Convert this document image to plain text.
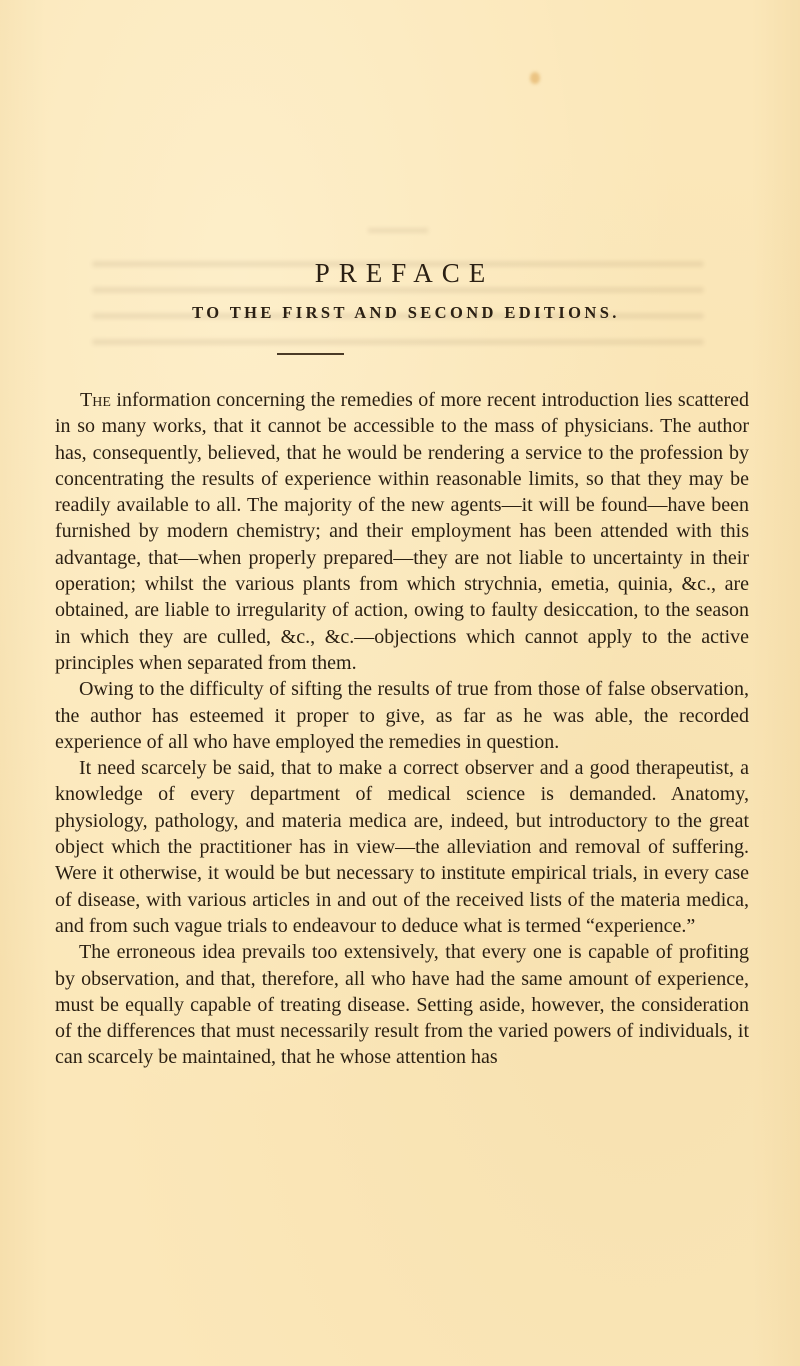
PREFACE
TO THE FIRST AND SECOND EDITIONS.

The information concerning the remedies of more recent introduction lies scattered in so many works, that it cannot be accessible to the mass of physicians. The author has, consequently, believed, that he would be rendering a service to the profession by concentrating the results of experience within reasonable limits, so that they may be readily available to all. The majority of the new agents—it will be found—have been furnished by modern chemistry; and their employment has been attended with this advantage, that—when properly prepared—they are not liable to uncertainty in their operation; whilst the various plants from which strychnia, emetia, quinia, &c., are obtained, are liable to irregularity of action, owing to faulty desiccation, to the season in which they are culled, &c., &c.—objections which cannot apply to the active principles when separated from them.

Owing to the difficulty of sifting the results of true from those of false observation, the author has esteemed it proper to give, as far as he was able, the recorded experience of all who have employed the remedies in question.

It need scarcely be said, that to make a correct observer and a good therapeutist, a knowledge of every department of medical science is demanded. Anatomy, physiology, pathology, and materia medica are, indeed, but introductory to the great object which the practitioner has in view—the alleviation and removal of suffering. Were it otherwise, it would be but necessary to institute empirical trials, in every case of disease, with various articles in and out of the received lists of the materia medica, and from such vague trials to endeavour to deduce what is termed “experience.”

The erroneous idea prevails too extensively, that every one is capable of profiting by observation, and that, therefore, all who have had the same amount of experience, must be equally capable of treating disease. Setting aside, however, the consideration of the differences that must necessarily result from the varied powers of individuals, it can scarcely be maintained, that he whose attention has
